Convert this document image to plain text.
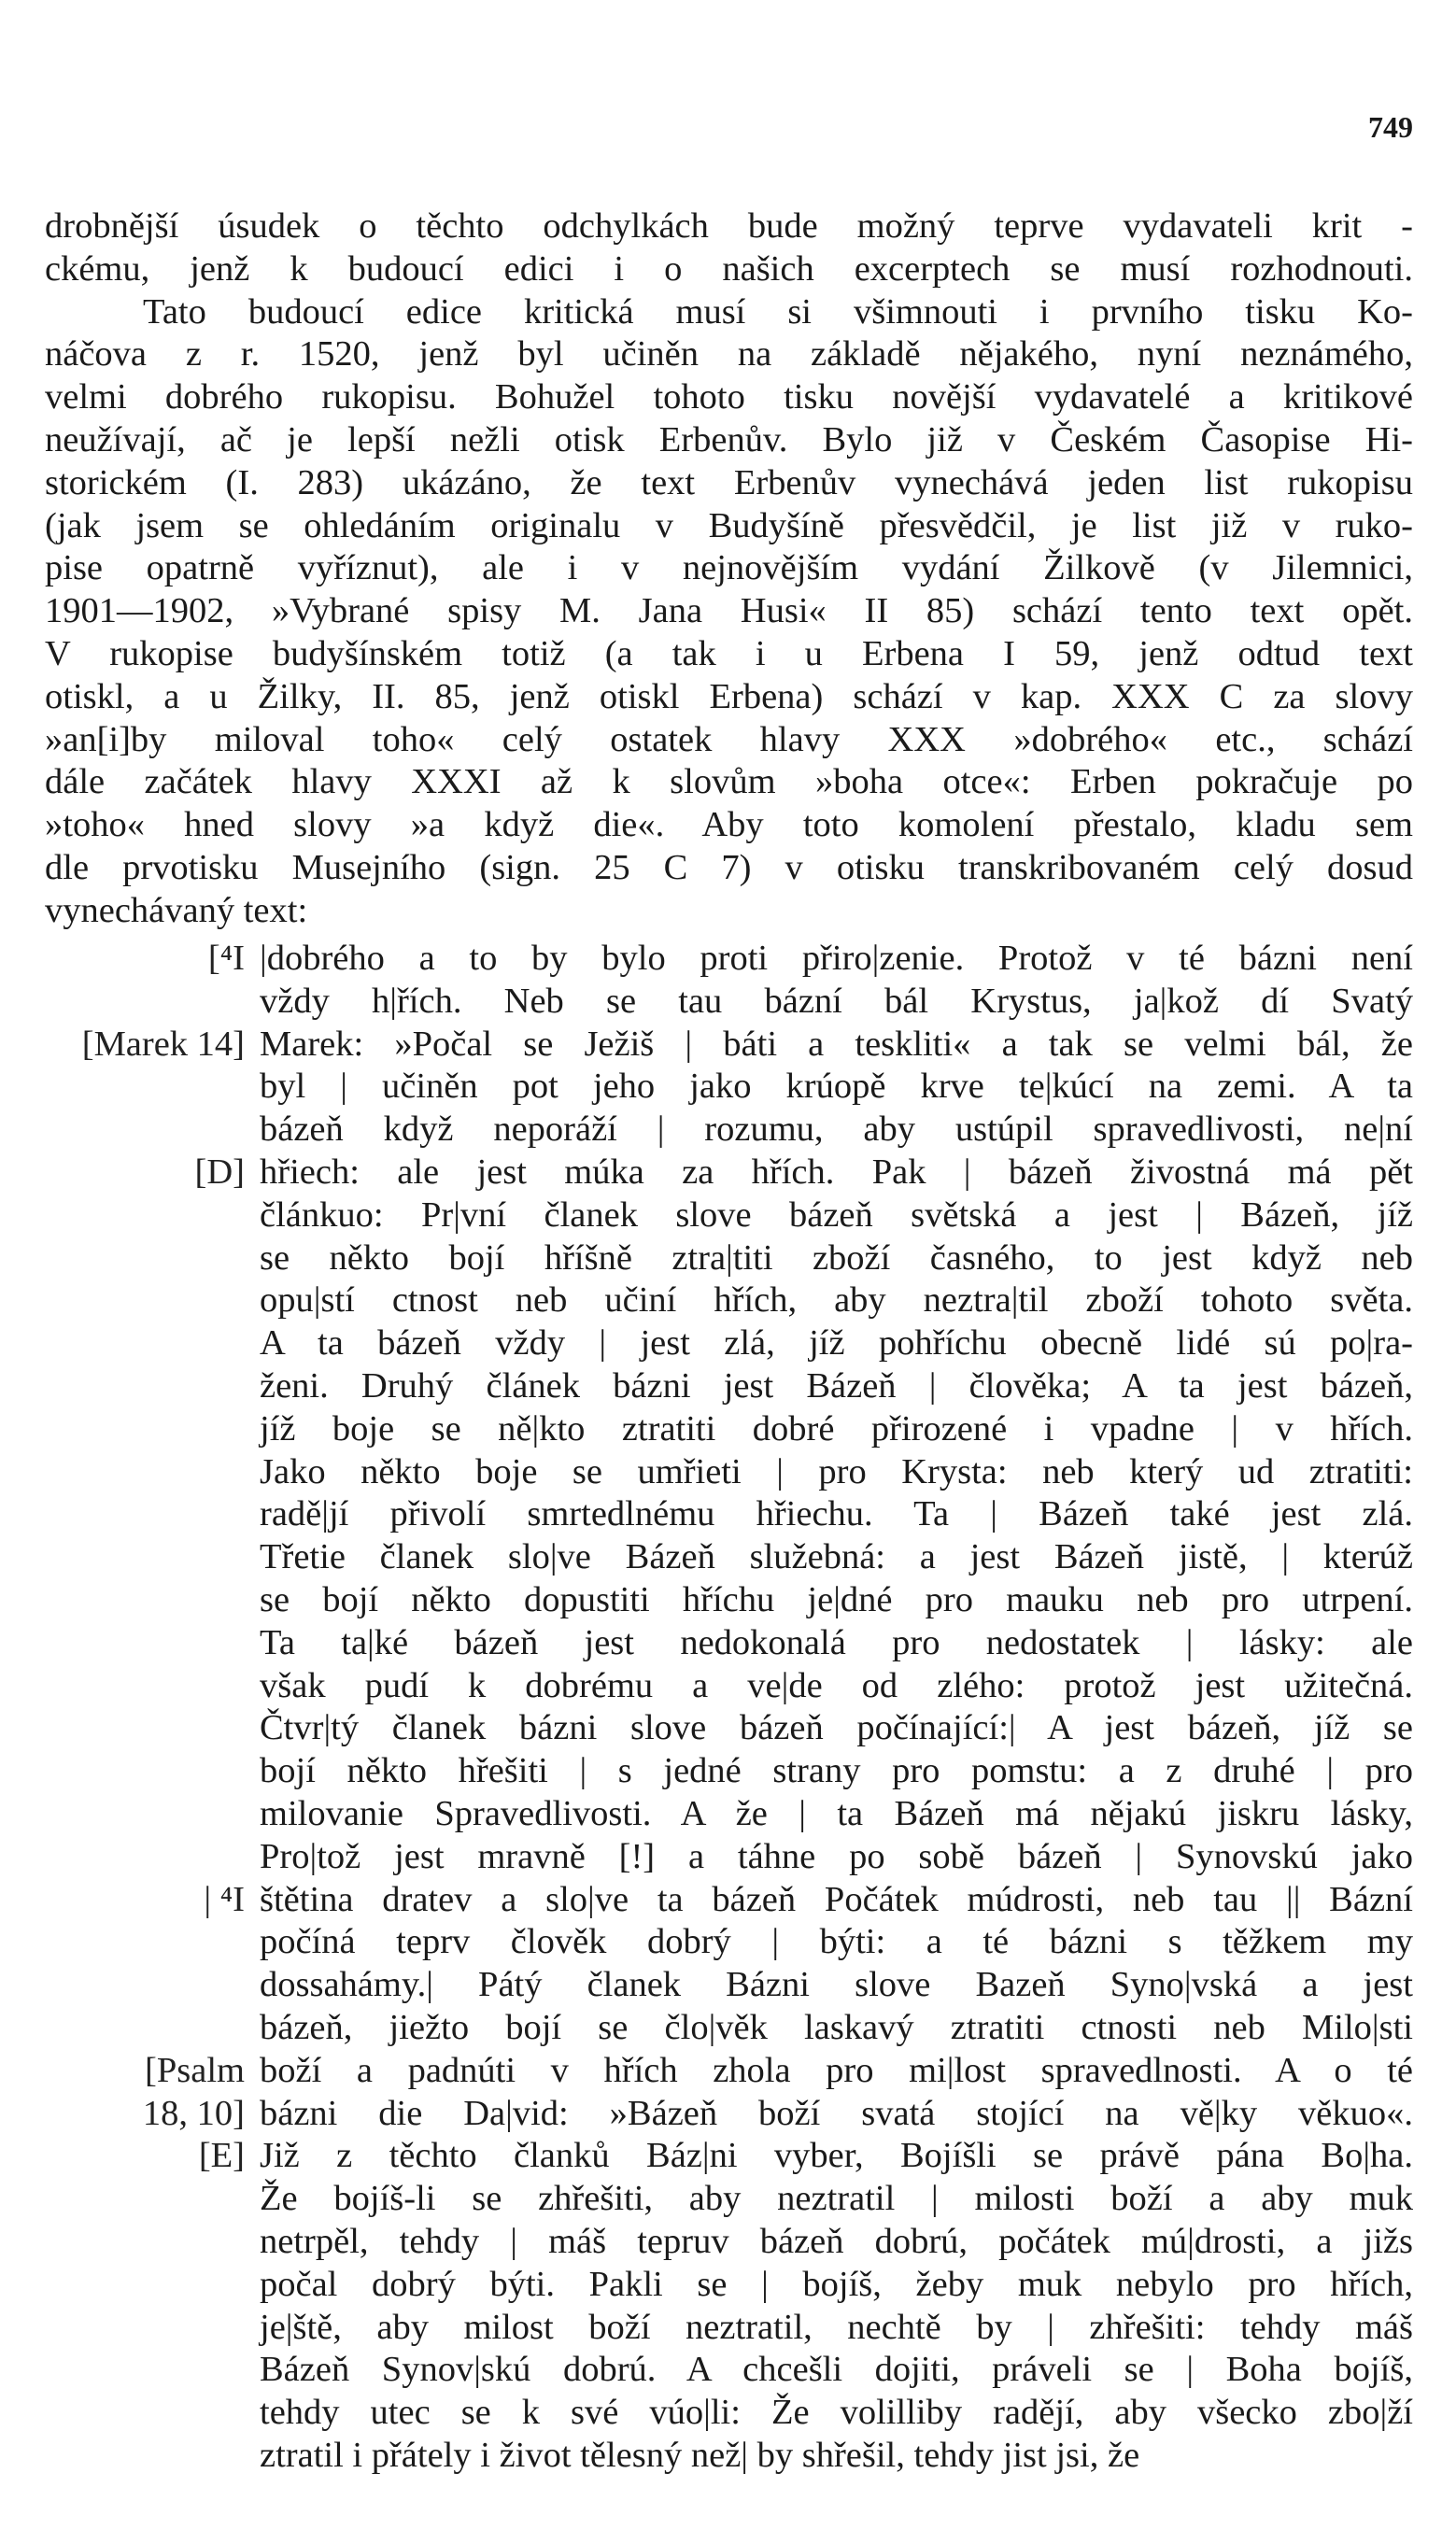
749
drobnější úsudek o těchto odchylkách bude možný teprve vydavateli krit -
ckému, jenž k budoucí edici i o našich excerptech se musí rozhodnouti.
Tato budoucí edice kritická musí si všimnouti i prvního tisku Ko-
náčova z r. 1520, jenž byl učiněn na základě nějakého, nyní neznámého,
velmi dobrého rukopisu. Bohužel tohoto tisku novější vydavatelé a kritikové
neužívají, ač je lepší nežli otisk Erbenův. Bylo již v Českém Časopise Hi-
storickém (I. 283) ukázáno, že text Erbenův vynechává jeden list rukopisu
(jak jsem se ohledáním originalu v Budyšíně přesvědčil, je list již v ruko-
pise opatrně vyříznut), ale i v nejnovějším vydání Žilkově (v Jilemnici,
1901—1902, »Vybrané spisy M. Jana Husi« II 85) schází tento text opět.
V rukopise budyšínském totiž (a tak i u Erbena I 59, jenž odtud text
otiskl, a u Žilky, II. 85, jenž otiskl Erbena) schází v kap. XXX C za slovy
»an[i]by miloval toho« celý ostatek hlavy XXX »dobrého« etc., schází
dále začátek hlavy XXXI až k slovům »boha otce«: Erben pokračuje po
»toho« hned slovy »a když die«. Aby toto komolení přestalo, kladu sem
dle prvotisku Musejního (sign. 25 C 7) v otisku transkribovaném celý dosud
vynechávaný text:
[⁴I |dobrého a to by bylo proti přiro|zenie. Protož v té bázni není
vždy h|řích. Neb se tau bázní bál Krystus, ja|kož dí Svatý
[Marek 14] Marek: »Počal se Ježiš | báti a teskliti« a tak se velmi bál, že
byl | učiněn pot jeho jako krúopě krve te|kúcí na zemi. A ta
bázeň když neporáží | rozumu, aby ustúpil spravedlivosti, ne|ní
[D] hřiech: ale jest múka za hřích. Pak | bázeň živostná má pět
článkuo: Pr|vní članek slove bázeň světská a jest | Bázeň, jíž
se někto bojí hříšně ztra|titi zboží časného, to jest když neb
opu|stí ctnost neb učiní hřích, aby neztra|til zboží tohoto světa.
A ta bázeň vždy | jest zlá, jíž pohříchu obecně lidé sú po|ra-
ženi. Druhý článek bázni jest Bázeň | člověka; A ta jest bázeň,
jíž boje se ně|kto ztratiti dobré přirozené i vpadne | v hřích.
Jako někto boje se umřieti | pro Krysta: neb který ud ztratiti:
radě|jí přivolí smrtedlnému hřiechu. Ta | Bázeň také jest zlá.
Třetie članek slo|ve Bázeň služebná: a jest Bázeň jistě, | kterúž
se bojí někto dopustiti hříchu je|dné pro mauku neb pro utrpení.
Ta ta|ké bázeň jest nedokonalá pro nedostatek | lásky: ale
však pudí k dobrému a ve|de od zlého: protož jest užitečná.
Čtvr|tý članek bázni slove bázeň počínající:| A jest bázeň, jíž se
bojí někto hřešiti | s jedné strany pro pomstu: a z druhé | pro
milovanie Spravedlivosti. A že | ta Bázeň má nějakú jiskru lásky,
Pro|tož jest mravně [!] a táhne po sobě bázeň | Synovskú jako
| ⁴I štětina dratev a slo|ve ta bázeň Počátek múdrosti, neb tau || Bázní
počíná teprv člověk dobrý | býti: a té bázni s těžkem my
dossahámy.| Pátý članek Bázni slove Bazeň Syno|vská a jest
bázeň, jiežto bojí se člo|věk laskavý ztratiti ctnosti neb Milo|sti
[Psalm boží a padnúti v hřích zhola pro mi|lost spravedlnosti. A o té
18, 10] bázni die Da|vid: »Bázeň boží svatá stojící na vě|ky věkuo«.
[E] Již z těchto članků Báz|ni vyber, Bojíšli se právě pána Bo|ha.
Že bojíš-li se zhřešiti, aby neztratil | milosti boží a aby muk
netrpěl, tehdy | máš tepruv bázeň dobrú, počátek mú|drosti, a jižs
počal dobrý býti. Pakli se | bojíš, žeby muk nebylo pro hřích,
je|ště, aby milost boží neztratil, nechtě by | zhřešiti: tehdy máš
Bázeň Synov|skú dobrú. A chcešli dojiti, práveli se | Boha bojíš,
tehdy utec se k své vúo|li: Že volilliby radějí, aby všecko zbo|ží
ztratil i přátely i život tělesný než| by shřešil, tehdy jist jsi, že
